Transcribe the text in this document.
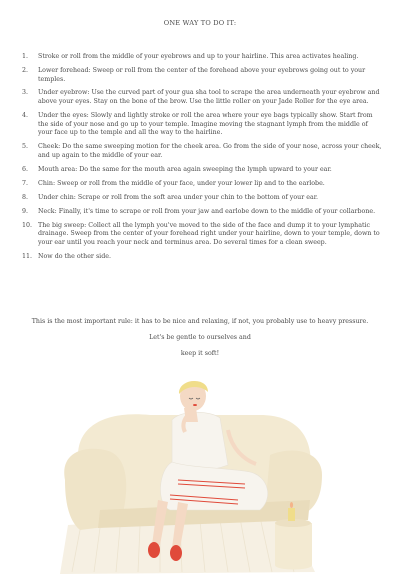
ONE WAY TO DO IT:
1. Stroke or roll from the middle of your eyebrows and up to your hairline. This area activates healing.
2. Lower forehead: Sweep or roll from the center of the forehead above your eyebrows going out to your temples.
3. Under eyebrow: Use the curved part of your gua sha tool to scrape the area underneath your eyebrow and above your eyes. Stay on the bone of the brow. Use the little roller on your Jade Roller for the eye area.
4. Under the eyes: Slowly and lightly stroke or roll the area where your eye bags typically show. Start from the side of your nose and go up to your temple. Imagine moving the stagnant lymph from the middle of your face up to the temple and all the way to the hairline.
5. Cheek: Do the same sweeping motion for the cheek area. Go from the side of your nose, across your cheek, and up again to the middle of your ear.
6. Mouth area: Do the same for the mouth area again sweeping the lymph upward to your ear.
7. Chin: Sweep or roll from the middle of your face, under your lower lip and to the earlobe.
8. Under chin: Scrape or roll from the soft area under your chin to the bottom of your ear.
9. Neck: Finally, it's time to scrape or roll from your jaw and earlobe down to the middle of your collarbone.
10. The big sweep: Collect all the lymph you've moved to the side of the face and dump it to your lymphatic drainage. Sweep from the center of your forehead right under your hairline, down to your temple, down to your ear until you reach your neck and terminus area. Do several times for a clean sweep.
11. Now do the other side.
This is the most important rule: it has to be nice and relaxing, if not, you probably use to heavy pressure.
Let's be gentle to ourselves and
keep it soft!
